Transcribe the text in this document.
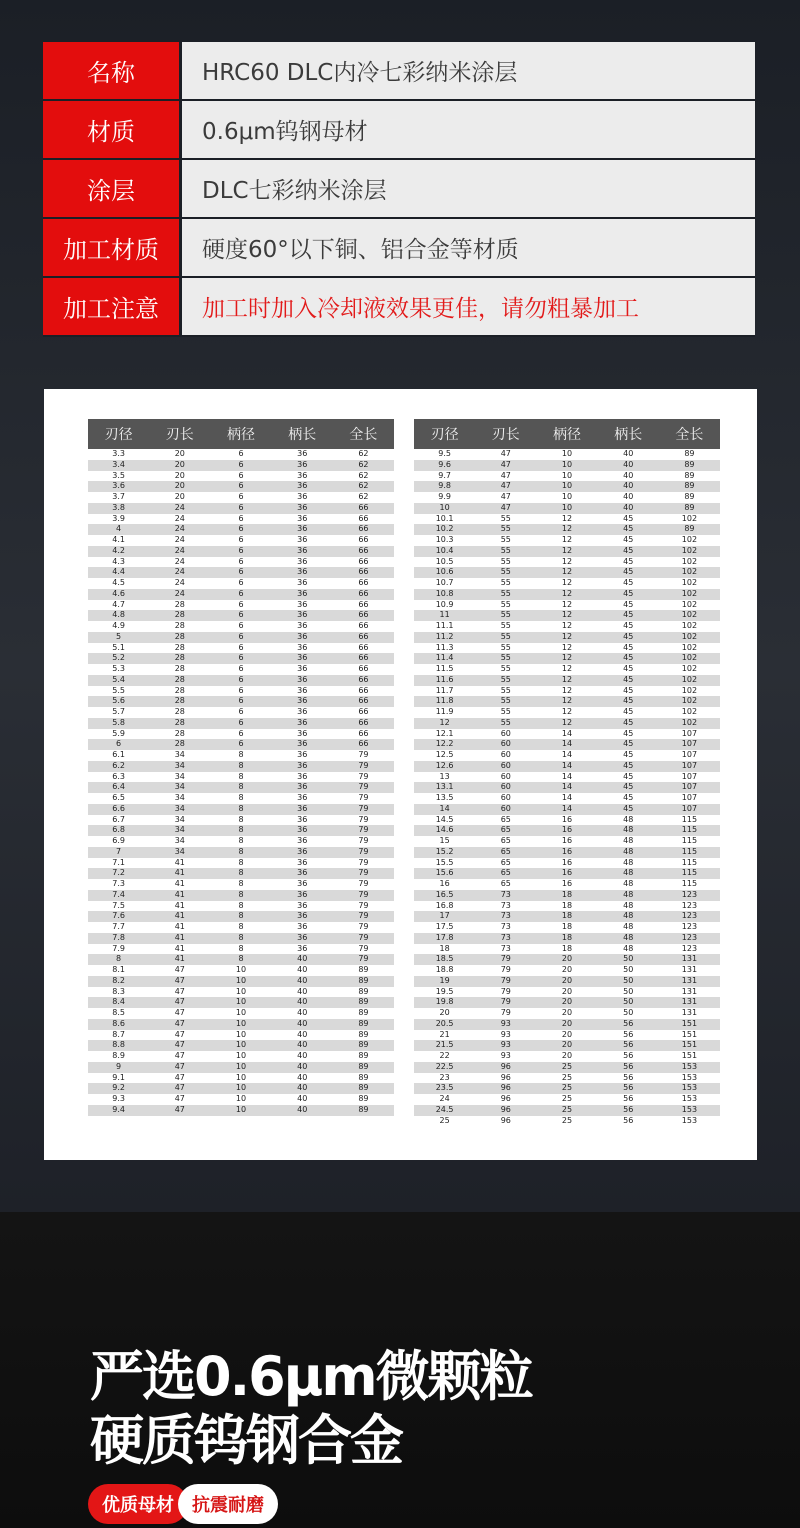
名称	HRC60 DLC内冷七彩纳米涂层
材质	0.6μm钨钢母材
涂层	DLC七彩纳米涂层
加工材质	硬度60°以下铜、铝合金等材质
加工注意	加工时加入冷却液效果更佳，请勿粗暴加工
刃径	刃长	柄径	柄长	全长
3.3	20	6	36	62
3.4	20	6	36	62
3.5	20	6	36	62
3.6	20	6	36	62
3.7	20	6	36	62
3.8	24	6	36	66
3.9	24	6	36	66
4	24	6	36	66
4.1	24	6	36	66
4.2	24	6	36	66
4.3	24	6	36	66
4.4	24	6	36	66
4.5	24	6	36	66
4.6	24	6	36	66
4.7	28	6	36	66
4.8	28	6	36	66
4.9	28	6	36	66
5	28	6	36	66
5.1	28	6	36	66
5.2	28	6	36	66
5.3	28	6	36	66
5.4	28	6	36	66
5.5	28	6	36	66
5.6	28	6	36	66
5.7	28	6	36	66
5.8	28	6	36	66
5.9	28	6	36	66
6	28	6	36	66
6.1	34	8	36	79
6.2	34	8	36	79
6.3	34	8	36	79
6.4	34	8	36	79
6.5	34	8	36	79
6.6	34	8	36	79
6.7	34	8	36	79
6.8	34	8	36	79
6.9	34	8	36	79
7	34	8	36	79
7.1	41	8	36	79
7.2	41	8	36	79
7.3	41	8	36	79
7.4	41	8	36	79
7.5	41	8	36	79
7.6	41	8	36	79
7.7	41	8	36	79
7.8	41	8	36	79
7.9	41	8	36	79
8	41	8	40	79
8.1	47	10	40	89
8.2	47	10	40	89
8.3	47	10	40	89
8.4	47	10	40	89
8.5	47	10	40	89
8.6	47	10	40	89
8.7	47	10	40	89
8.8	47	10	40	89
8.9	47	10	40	89
9	47	10	40	89
9.1	47	10	40	89
9.2	47	10	40	89
9.3	47	10	40	89
9.4	47	10	40	89
刃径	刃长	柄径	柄长	全长
9.5	47	10	40	89
9.6	47	10	40	89
9.7	47	10	40	89
9.8	47	10	40	89
9.9	47	10	40	89
10	47	10	40	89
10.1	55	12	45	102
10.2	55	12	45	89
10.3	55	12	45	102
10.4	55	12	45	102
10.5	55	12	45	102
10.6	55	12	45	102
10.7	55	12	45	102
10.8	55	12	45	102
10.9	55	12	45	102
11	55	12	45	102
11.1	55	12	45	102
11.2	55	12	45	102
11.3	55	12	45	102
11.4	55	12	45	102
11.5	55	12	45	102
11.6	55	12	45	102
11.7	55	12	45	102
11.8	55	12	45	102
11.9	55	12	45	102
12	55	12	45	102
12.1	60	14	45	107
12.2	60	14	45	107
12.5	60	14	45	107
12.6	60	14	45	107
13	60	14	45	107
13.1	60	14	45	107
13.5	60	14	45	107
14	60	14	45	107
14.5	65	16	48	115
14.6	65	16	48	115
15	65	16	48	115
15.2	65	16	48	115
15.5	65	16	48	115
15.6	65	16	48	115
16	65	16	48	115
16.5	73	18	48	123
16.8	73	18	48	123
17	73	18	48	123
17.5	73	18	48	123
17.8	73	18	48	123
18	73	18	48	123
18.5	79	20	50	131
18.8	79	20	50	131
19	79	20	50	131
19.5	79	20	50	131
19.8	79	20	50	131
20	79	20	50	131
20.5	93	20	56	151
21	93	20	56	151
21.5	93	20	56	151
22	93	20	56	151
22.5	96	25	56	153
23	96	25	56	153
23.5	96	25	56	153
24	96	25	56	153
24.5	96	25	56	153
25	96	25	56	153
严选0.6μm微颗粒
硬质钨钢合金
优质母材	抗震耐磨
